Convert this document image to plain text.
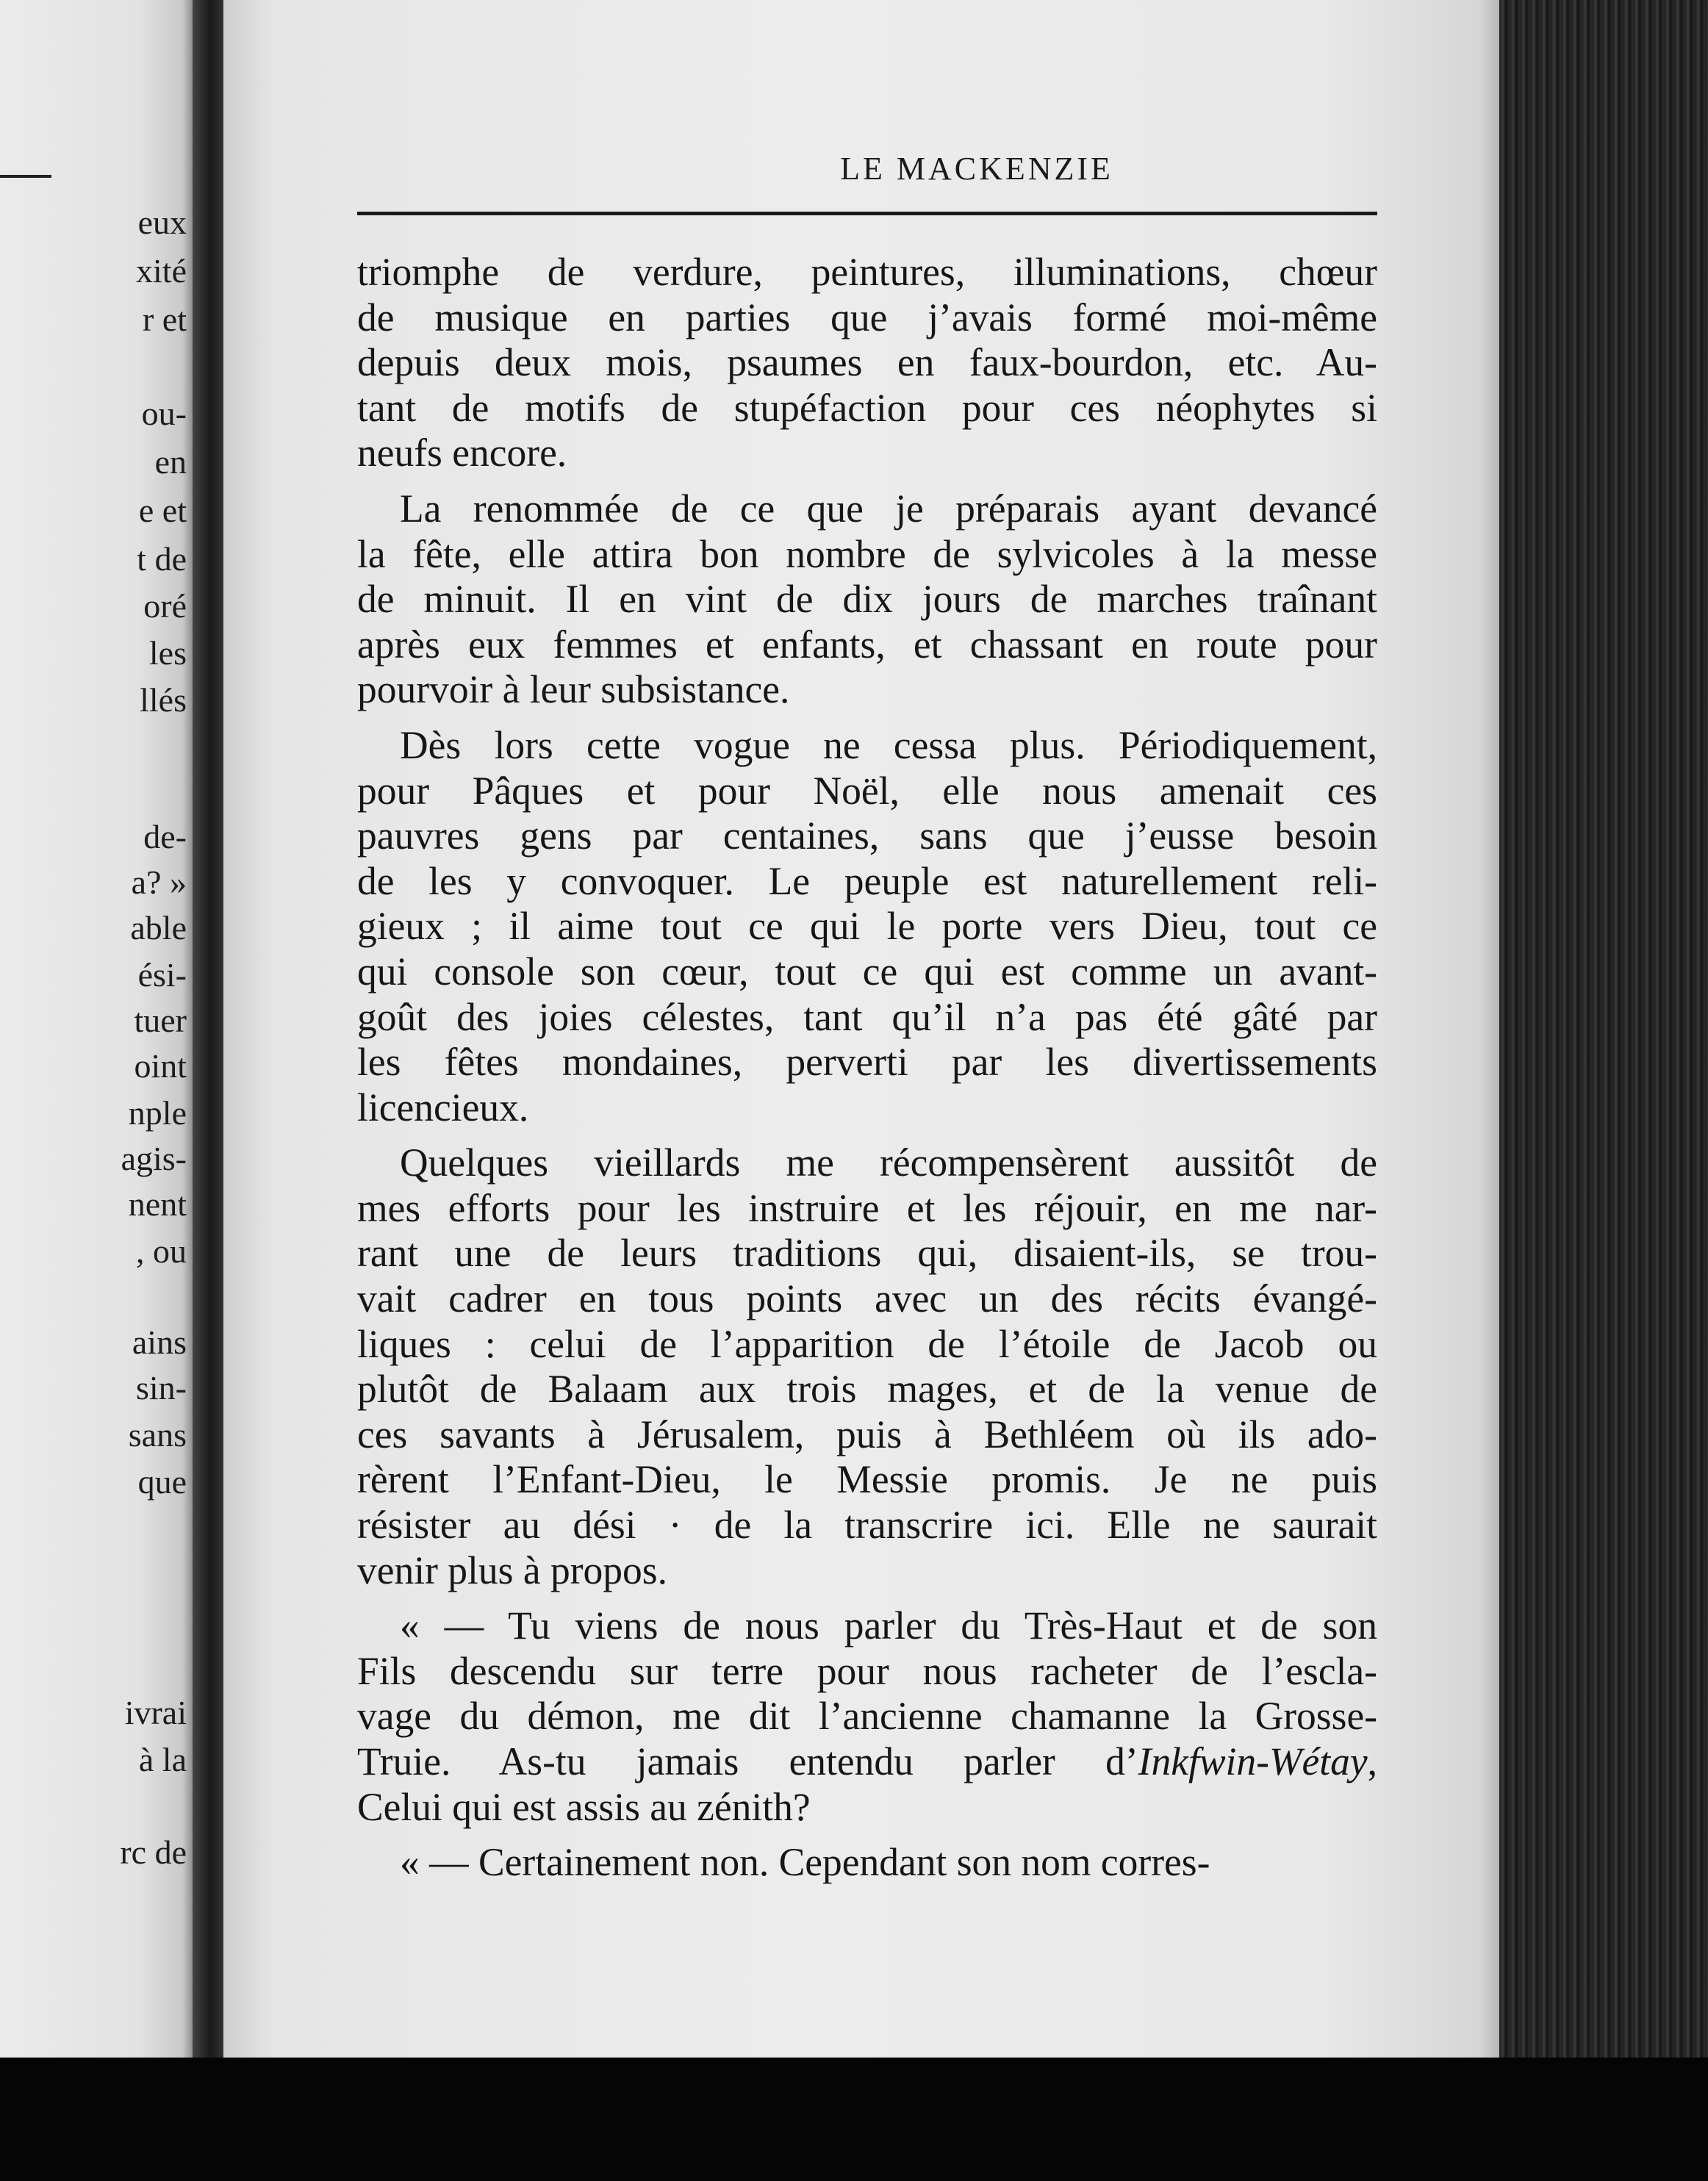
eux
xité
r et
ou-
en
e et
t de
oré
les
llés
de-
a? »
able
ési-
tuer
oint
nple
agis-
nent
, ou
ains
sin-
sans
que
ivrai
à la
rc de
LE MACKENZIE
triomphe de verdure, peintures, illuminations, chœur
de musique en parties que j’avais formé moi-même
depuis deux mois, psaumes en faux-bourdon, etc. Au-
tant de motifs de stupéfaction pour ces néophytes si
neufs encore.
La renommée de ce que je préparais ayant devancé
la fête, elle attira bon nombre de sylvicoles à la messe
de minuit. Il en vint de dix jours de marches traînant
après eux femmes et enfants, et chassant en route pour
pourvoir à leur subsistance.
Dès lors cette vogue ne cessa plus. Périodiquement,
pour Pâques et pour Noël, elle nous amenait ces
pauvres gens par centaines, sans que j’eusse besoin
de les y convoquer. Le peuple est naturellement reli-
gieux ; il aime tout ce qui le porte vers Dieu, tout ce
qui console son cœur, tout ce qui est comme un avant-
goût des joies célestes, tant qu’il n’a pas été gâté par
les fêtes mondaines, perverti par les divertissements
licencieux.
Quelques vieillards me récompensèrent aussitôt de
mes efforts pour les instruire et les réjouir, en me nar-
rant une de leurs traditions qui, disaient-ils, se trou-
vait cadrer en tous points avec un des récits évangé-
liques : celui de l’apparition de l’étoile de Jacob ou
plutôt de Balaam aux trois mages, et de la venue de
ces savants à Jérusalem, puis à Bethléem où ils ado-
rèrent l’Enfant-Dieu, le Messie promis. Je ne puis
résister au dési · de la transcrire ici. Elle ne saurait
venir plus à propos.
« — Tu viens de nous parler du Très-Haut et de son
Fils descendu sur terre pour nous racheter de l’escla-
vage du démon, me dit l’ancienne chamanne la Grosse-
Truie. As-tu jamais entendu parler d’Inkfwin-Wétay,
Celui qui est assis au zénith?
« — Certainement non. Cependant son nom corres-
